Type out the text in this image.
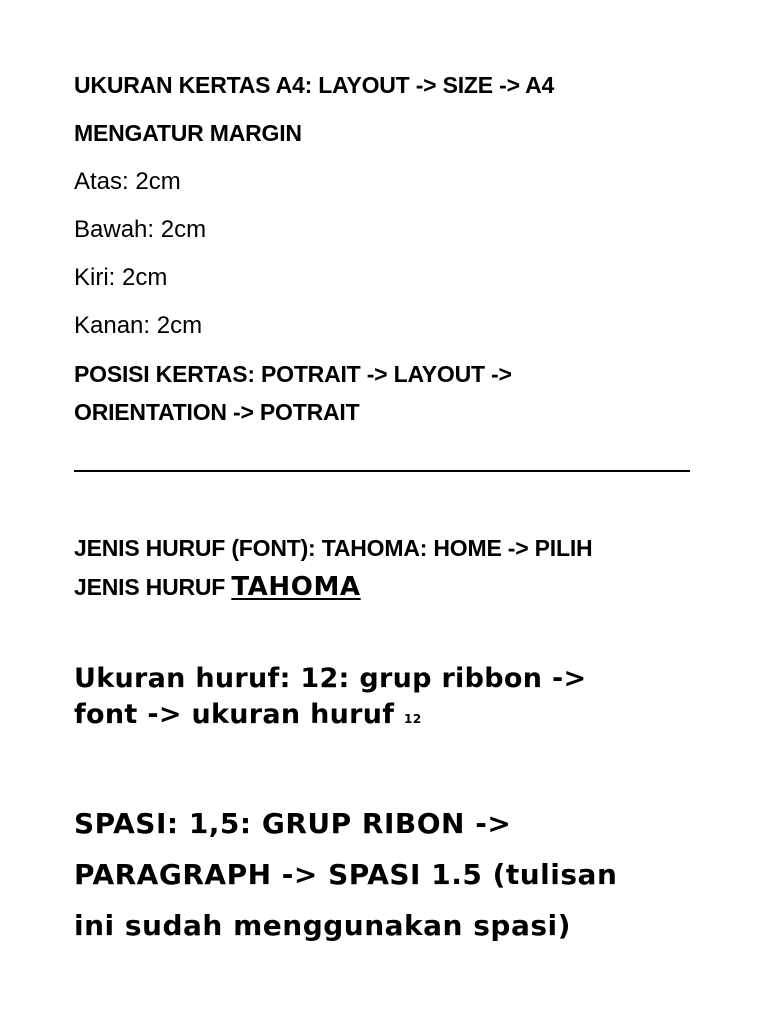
UKURAN KERTAS A4: LAYOUT -> SIZE -> A4

MENGATUR MARGIN

Atas: 2cm

Bawah: 2cm

Kiri: 2cm

Kanan: 2cm

POSISI KERTAS: POTRAIT -> LAYOUT ->

ORIENTATION -> POTRAIT

JENIS HURUF (FONT): TAHOMA: HOME -> PILIH

JENIS HURUF TAHOMA

Ukuran huruf: 12: grup ribbon ->

font -> ukuran huruf 12

SPASI: 1,5: GRUP RIBON ->

PARAGRAPH -> SPASI 1.5 (tulisan

ini sudah menggunakan spasi)
